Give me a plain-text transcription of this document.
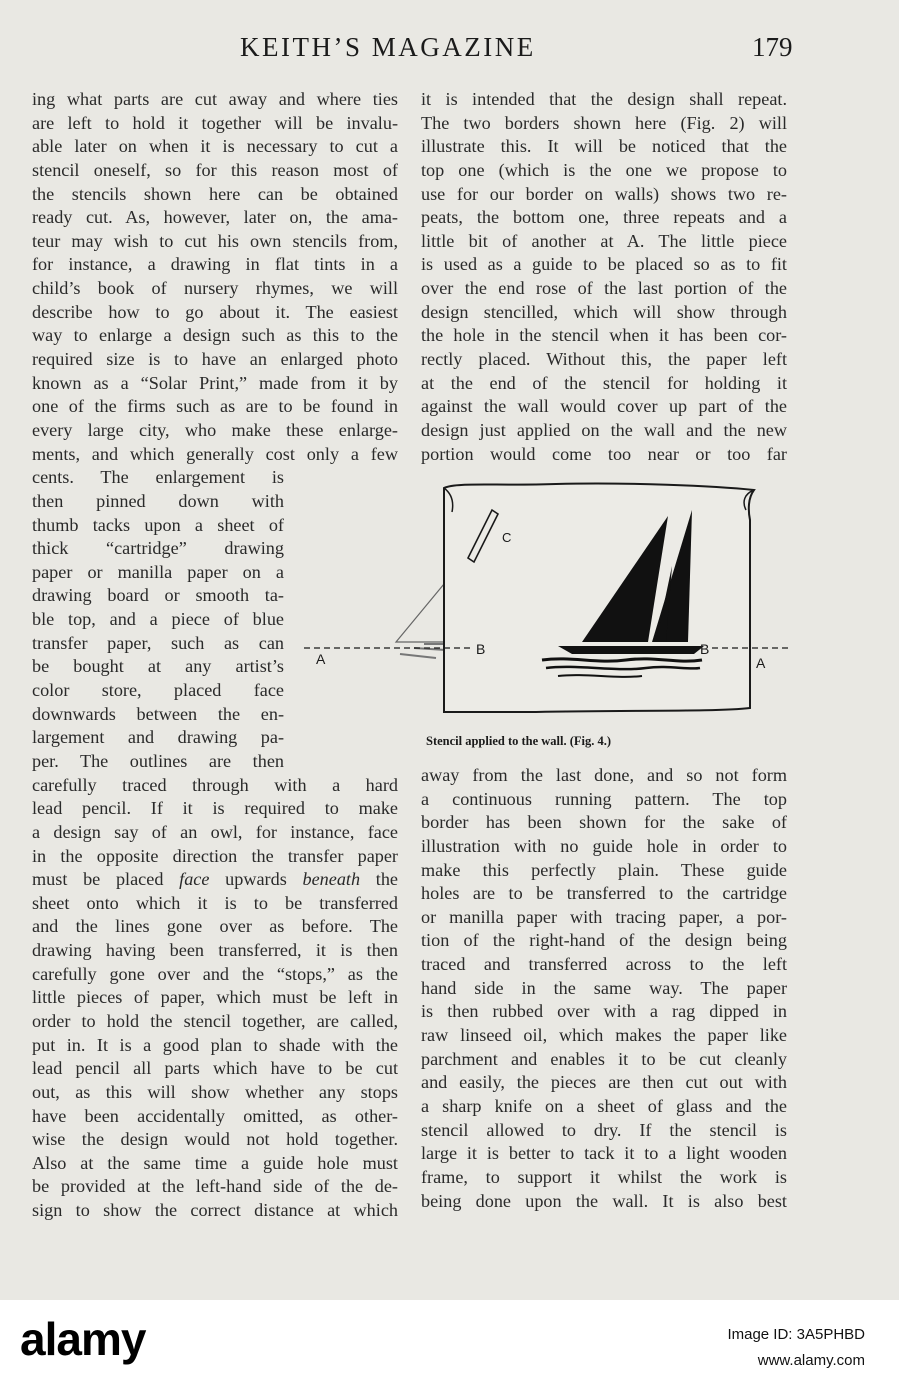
KEITH’S MAGAZINE	179
ing what parts are cut away and where ties
are left to hold it together will be invalu-
able later on when it is necessary to cut a
stencil oneself, so for this reason most of
the stencils shown here can be obtained
ready cut. As, however, later on, the ama-
teur may wish to cut his own stencils from,
for instance, a drawing in flat tints in a
child’s book of nursery rhymes, we will
describe how to go about it. The easiest
way to enlarge a design such as this to the
required size is to have an enlarged photo
known as a “Solar Print,” made from it by
one of the firms such as are to be found in
every large city, who make these enlarge-
ments, and which generally cost only a few
cents. The enlargement is
then pinned down with
thumb tacks upon a sheet of
thick “cartridge” drawing
paper or manilla paper on a
drawing board or smooth ta-
ble top, and a piece of blue
transfer paper, such as can
be bought at any artist’s
color store, placed face
downwards between the en-
largement and drawing pa-
per. The outlines are then
carefully traced through with a hard
lead pencil. If it is required to make
a design say of an owl, for instance, face
in the opposite direction the transfer paper
must be placed face upwards beneath the
sheet onto which it is to be transferred
and the lines gone over as before. The
drawing having been transferred, it is then
carefully gone over and the “stops,” as the
little pieces of paper, which must be left in
order to hold the stencil together, are called,
put in. It is a good plan to shade with the
lead pencil all parts which have to be cut
out, as this will show whether any stops
have been accidentally omitted, as other-
wise the design would not hold together.
Also at the same time a guide hole must
be provided at the left-hand side of the de-
sign to show the correct distance at which
it is intended that the design shall repeat.
The two borders shown here (Fig. 2) will
illustrate this. It will be noticed that the
top one (which is the one we propose to
use for our border on walls) shows two re-
peats, the bottom one, three repeats and a
little bit of another at A. The little piece
is used as a guide to be placed so as to fit
over the end rose of the last portion of the
design stencilled, which will show through
the hole in the stencil when it has been cor-
rectly placed. Without this, the paper left
at the end of the stencil for holding it
against the wall would cover up part of the
design just applied on the wall and the new
portion would come too near or too far
A
B
C
B
A
Stencil applied to the wall. (Fig. 4.)
away from the last done, and so not form
a continuous running pattern. The top
border has been shown for the sake of
illustration with no guide hole in order to
make this perfectly plain. These guide
holes are to be transferred to the cartridge
or manilla paper with tracing paper, a por-
tion of the right-hand of the design being
traced and transferred across to the left
hand side in the same way. The paper
is then rubbed over with a rag dipped in
raw linseed oil, which makes the paper like
parchment and enables it to be cut cleanly
and easily, the pieces are then cut out with
a sharp knife on a sheet of glass and the
stencil allowed to dry. If the stencil is
large it is better to tack it to a light wooden
frame, to support it whilst the work is
being done upon the wall. It is also best
alamy	Image ID: 3A5PHBD
www.alamy.com
